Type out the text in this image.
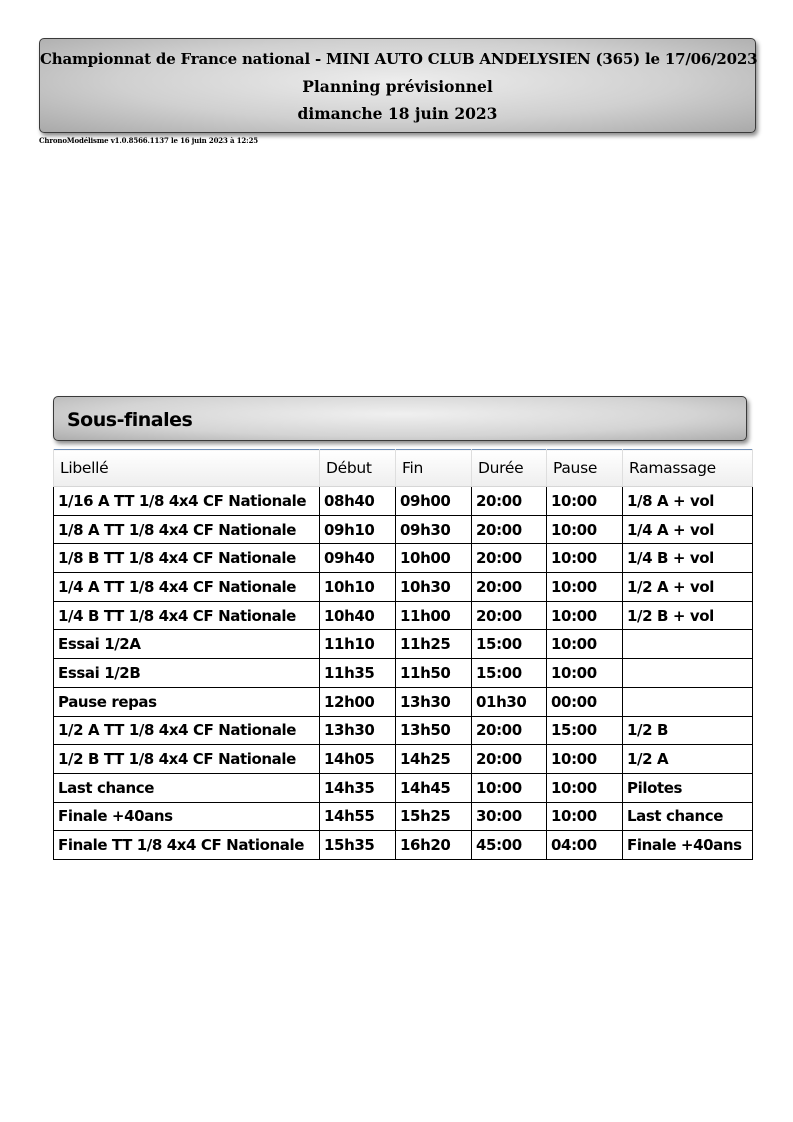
Championnat de France national - MINI AUTO CLUB ANDELYSIEN (365) le 17/06/2023
Planning prévisionnel
dimanche 18 juin 2023
ChronoModélisme v1.0.8566.1137 le 16 juin 2023 à 12:25
Sous-finales
Libellé	Début	Fin	Durée	Pause	Ramassage
1/16 A TT 1/8 4x4 CF Nationale	08h40	09h00	20:00	10:00	1/8 A + vol
1/8 A TT 1/8 4x4 CF Nationale	09h10	09h30	20:00	10:00	1/4 A + vol
1/8 B TT 1/8 4x4 CF Nationale	09h40	10h00	20:00	10:00	1/4 B + vol
1/4 A TT 1/8 4x4 CF Nationale	10h10	10h30	20:00	10:00	1/2 A + vol
1/4 B TT 1/8 4x4 CF Nationale	10h40	11h00	20:00	10:00	1/2 B + vol
Essai 1/2A	11h10	11h25	15:00	10:00	
Essai 1/2B	11h35	11h50	15:00	10:00	
Pause repas	12h00	13h30	01h30	00:00	
1/2 A TT 1/8 4x4 CF Nationale	13h30	13h50	20:00	15:00	1/2 B
1/2 B TT 1/8 4x4 CF Nationale	14h05	14h25	20:00	10:00	1/2 A
Last chance	14h35	14h45	10:00	10:00	Pilotes
Finale +40ans	14h55	15h25	30:00	10:00	Last chance
Finale TT 1/8 4x4 CF Nationale	15h35	16h20	45:00	04:00	Finale +40ans
